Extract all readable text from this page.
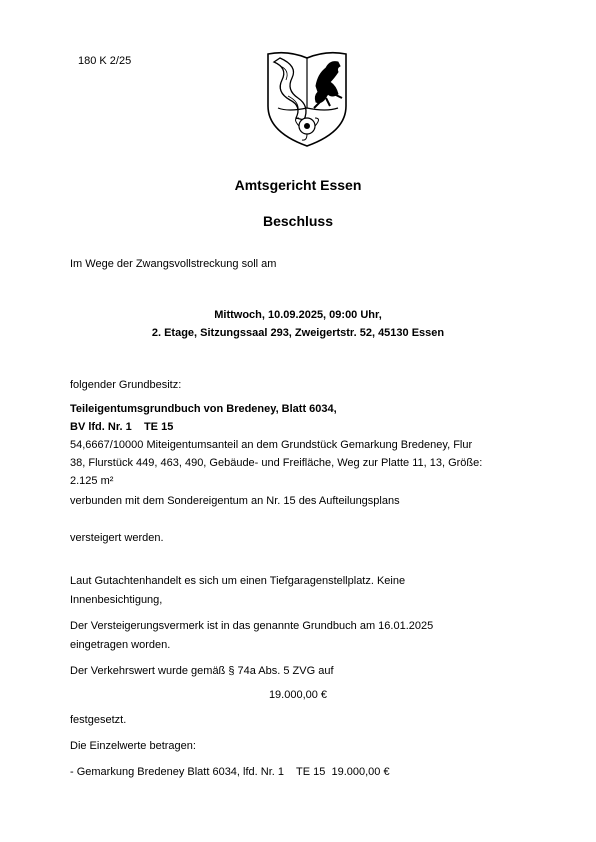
180 K 2/25
Amtsgericht Essen
Beschluss
Im Wege der Zwangsvollstreckung soll am
Mittwoch, 10.09.2025, 09:00 Uhr,
2. Etage, Sitzungssaal 293, Zweigertstr. 52, 45130 Essen
folgender Grundbesitz:
Teileigentumsgrundbuch von Bredeney, Blatt 6034,
BV lfd. Nr. 1    TE 15
54,6667/10000 Miteigentumsanteil an dem Grundstück Gemarkung Bredeney, Flur
38, Flurstück 449, 463, 490, Gebäude- und Freifläche, Weg zur Platte 11, 13, Größe:
2.125 m²
verbunden mit dem Sondereigentum an Nr. 15 des Aufteilungsplans
versteigert werden.
Laut Gutachtenhandelt es sich um einen Tiefgaragenstellplatz. Keine
Innenbesichtigung,
Der Versteigerungsvermerk ist in das genannte Grundbuch am 16.01.2025
eingetragen worden.
Der Verkehrswert wurde gemäß § 74a Abs. 5 ZVG auf
19.000,00 €
festgesetzt.
Die Einzelwerte betragen:
- Gemarkung Bredeney Blatt 6034, lfd. Nr. 1    TE 15  19.000,00 €
